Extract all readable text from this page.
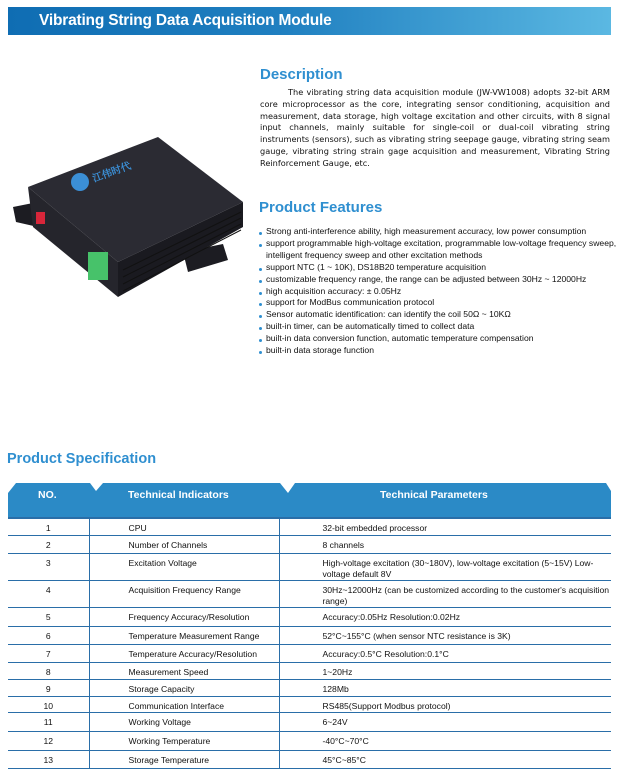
Vibrating String Data Acquisition Module
江伟时代
Description

The vibrating string data acquisition module (JW-VW1008) adopts 32-bit ARM core microprocessor as the core, integrating sensor conditioning, acquisition and measurement, data storage, high voltage excitation and other circuits, with 8 signal input channels, mainly suitable for single-coil or dual-coil vibrating string instruments (sensors), such as vibrating string seepage gauge, vibrating string seam gauge, vibrating string strain gage acquisition and measurement, Vibrating String Reinforcement Gauge, etc.

Product Features
Strong anti-interference ability, high measurement accuracy, low power consumption
support programmable high-voltage excitation, programmable low-voltage frequency sweep, intelligent frequency sweep and other excitation methods
support NTC (1 ~ 10K), DS18B20 temperature acquisition
customizable frequency range, the range can be adjusted between 30Hz ~ 12000Hz
high acquisition accuracy: ± 0.05Hz
support for ModBus communication protocol
Sensor automatic identification: can identify the coil 50Ω ~ 10KΩ
built-in timer, can be automatically timed to collect data
built-in data conversion function, automatic temperature compensation
built-in data storage function
Product Specification
NO.	Technical Indicators	Technical Parameters
1	CPU	32-bit embedded processor
2	Number of Channels	8 channels
3	Excitation Voltage	High-voltage excitation (30~180V), low-voltage excitation (5~15V) Low-voltage default 8V
4	Acquisition Frequency Range	30Hz~12000Hz (can be customized according to the customer's acquisition range)
5	Frequency Accuracy/Resolution	Accuracy:0.05Hz Resolution:0.02Hz
6	Temperature Measurement Range	52°C~155°C (when sensor NTC resistance is 3K)
7	Temperature Accuracy/Resolution	Accuracy:0.5°C Resolution:0.1°C
8	Measurement Speed	1~20Hz
9	Storage Capacity	128Mb
10	Communication Interface	RS485(Support Modbus protocol)
11	Working Voltage	6~24V
12	Working Temperature	-40°C~70°C
13	Storage Temperature	45°C~85°C
